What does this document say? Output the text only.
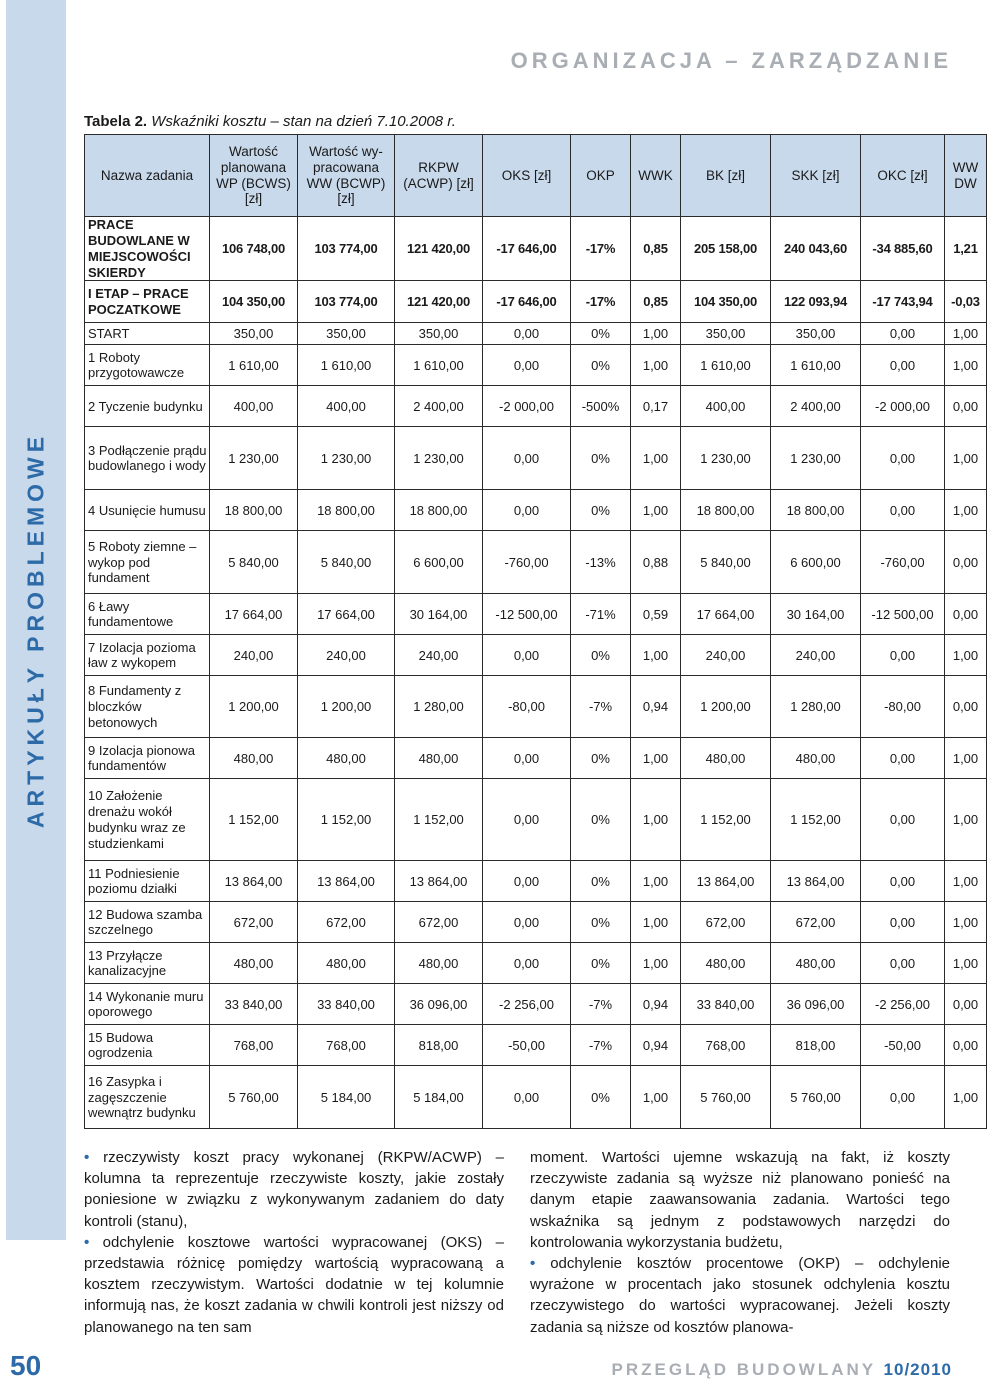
ARTYKUŁY PROBLEMOWE
50
ORGANIZACJA – ZARZĄDZANIE
Tabela 2. Wskaźniki kosztu – stan na dzień 7.10.2008 r.
Nazwa zadania	Wartość planowana WP (BCWS) [zł]	Wartość wy-pracowana WW (BCWP) [zł]	RKPW (ACWP) [zł]	OKS [zł]	OKP	WWK	BK [zł]	SKK [zł]	OKC [zł]	WW DW
PRACE BUDOWLANE W MIEJSCOWOŚCI SKIERDY	106 748,00	103 774,00	121 420,00	-17 646,00	-17%	0,85	205 158,00	240 043,60	-34 885,60	1,21
I ETAP – PRACE POCZATKOWE	104 350,00	103 774,00	121 420,00	-17 646,00	-17%	0,85	104 350,00	122 093,94	-17 743,94	-0,03
START	350,00	350,00	350,00	0,00	0%	1,00	350,00	350,00	0,00	1,00
1 Roboty przygotowawcze	1 610,00	1 610,00	1 610,00	0,00	0%	1,00	1 610,00	1 610,00	0,00	1,00
2 Tyczenie budynku	400,00	400,00	2 400,00	-2 000,00	-500%	0,17	400,00	2 400,00	-2 000,00	0,00
3 Podłączenie prądu budowlanego i wody	1 230,00	1 230,00	1 230,00	0,00	0%	1,00	1 230,00	1 230,00	0,00	1,00
4 Usunięcie humusu	18 800,00	18 800,00	18 800,00	0,00	0%	1,00	18 800,00	18 800,00	0,00	1,00
5 Roboty ziemne – wykop pod fundament	5 840,00	5 840,00	6 600,00	-760,00	-13%	0,88	5 840,00	6 600,00	-760,00	0,00
6 Ławy fundamentowe	17 664,00	17 664,00	30 164,00	-12 500,00	-71%	0,59	17 664,00	30 164,00	-12 500,00	0,00
7 Izolacja pozioma ław z wykopem	240,00	240,00	240,00	0,00	0%	1,00	240,00	240,00	0,00	1,00
8 Fundamenty z bloczków betonowych	1 200,00	1 200,00	1 280,00	-80,00	-7%	0,94	1 200,00	1 280,00	-80,00	0,00
9 Izolacja pionowa fundamentów	480,00	480,00	480,00	0,00	0%	1,00	480,00	480,00	0,00	1,00
10 Założenie drenażu wokół budynku wraz ze studzienkami	1 152,00	1 152,00	1 152,00	0,00	0%	1,00	1 152,00	1 152,00	0,00	1,00
11 Podniesienie poziomu działki	13 864,00	13 864,00	13 864,00	0,00	0%	1,00	13 864,00	13 864,00	0,00	1,00
12 Budowa szamba szczelnego	672,00	672,00	672,00	0,00	0%	1,00	672,00	672,00	0,00	1,00
13 Przyłącze kanalizacyjne	480,00	480,00	480,00	0,00	0%	1,00	480,00	480,00	0,00	1,00
14 Wykonanie muru oporowego	33 840,00	33 840,00	36 096,00	-2 256,00	-7%	0,94	33 840,00	36 096,00	-2 256,00	0,00
15 Budowa ogrodzenia	768,00	768,00	818,00	-50,00	-7%	0,94	768,00	818,00	-50,00	0,00
16 Zasypka i zagęszczenie wewnątrz budynku	5 760,00	5 184,00	5 184,00	0,00	0%	1,00	5 760,00	5 760,00	0,00	1,00

• rzeczywisty koszt pracy wykonanej (RKPW/ACWP) – kolumna ta reprezentuje rzeczywiste koszty, jakie zostały poniesione w związku z wykonywanym zadaniem do daty kontroli (stanu),

• odchylenie kosztowe wartości wypracowanej (OKS) – przedstawia różnicę pomiędzy wartością wypracowaną a kosztem rzeczywistym. Wartości dodatnie w tej kolumnie informują nas, że koszt zadania w chwili kontroli jest niższy od planowanego na ten sam

moment. Wartości ujemne wskazują na fakt, iż koszty rzeczywiste zadania są wyższe niż planowano ponieść na danym etapie zaawansowania zadania. Wartości tego wskaźnika są jednym z podstawowych narzędzi do kontrolowania wykorzystania budżetu,

• odchylenie kosztów procentowe (OKP) – odchylenie wyrażone w procentach jako stosunek odchylenia kosztu rzeczywistego do wartości wypracowanej. Jeżeli koszty zadania są niższe od kosztów planowa-

PRZEGLĄD BUDOWLANY 10/2010
